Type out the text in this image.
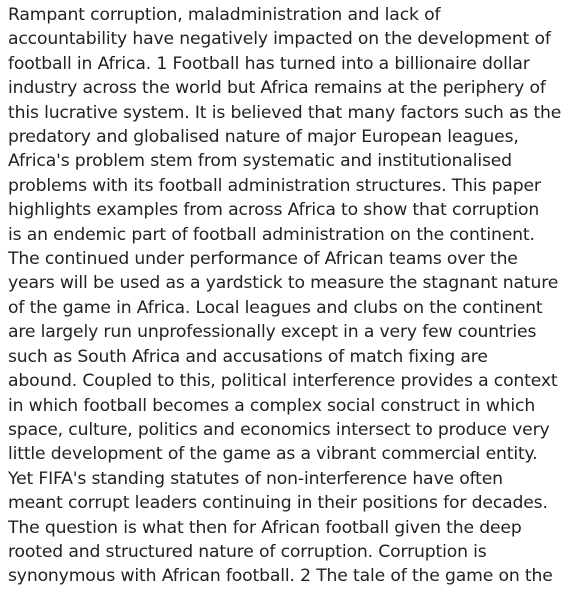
Rampant corruption, maladministration and lack of
accountability have negatively impacted on the development of
football in Africa. 1 Football has turned into a billionaire dollar
industry across the world but Africa remains at the periphery of
this lucrative system. It is believed that many factors such as the
predatory and globalised nature of major European leagues,
Africa's problem stem from systematic and institutionalised
problems with its football administration structures. This paper
highlights examples from across Africa to show that corruption
is an endemic part of football administration on the continent.
The continued under performance of African teams over the
years will be used as a yardstick to measure the stagnant nature
of the game in Africa. Local leagues and clubs on the continent
are largely run unprofessionally except in a very few countries
such as South Africa and accusations of match fixing are
abound. Coupled to this, political interference provides a context
in which football becomes a complex social construct in which
space, culture, politics and economics intersect to produce very
little development of the game as a vibrant commercial entity.
Yet FIFA's standing statutes of non-interference have often
meant corrupt leaders continuing in their positions for decades.
The question is what then for African football given the deep
rooted and structured nature of corruption. Corruption is
synonymous with African football. 2 The tale of the game on the
